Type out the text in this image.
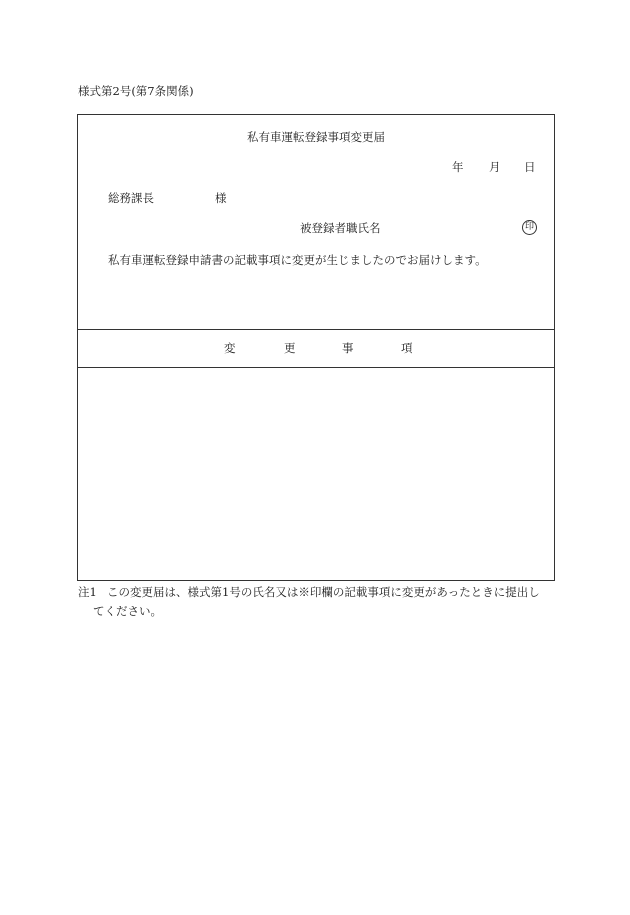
様式第2号(第7条関係)
私有車運転登録事項変更届
年 月 日
総務課長	様
被登録者職氏名	印
私有車運転登録申請書の記載事項に変更が生じましたのでお届けします。
変	更	事	項
注1 この変更届は、様式第1号の氏名又は※印欄の記載事項に変更があったときに提出し
てください。
